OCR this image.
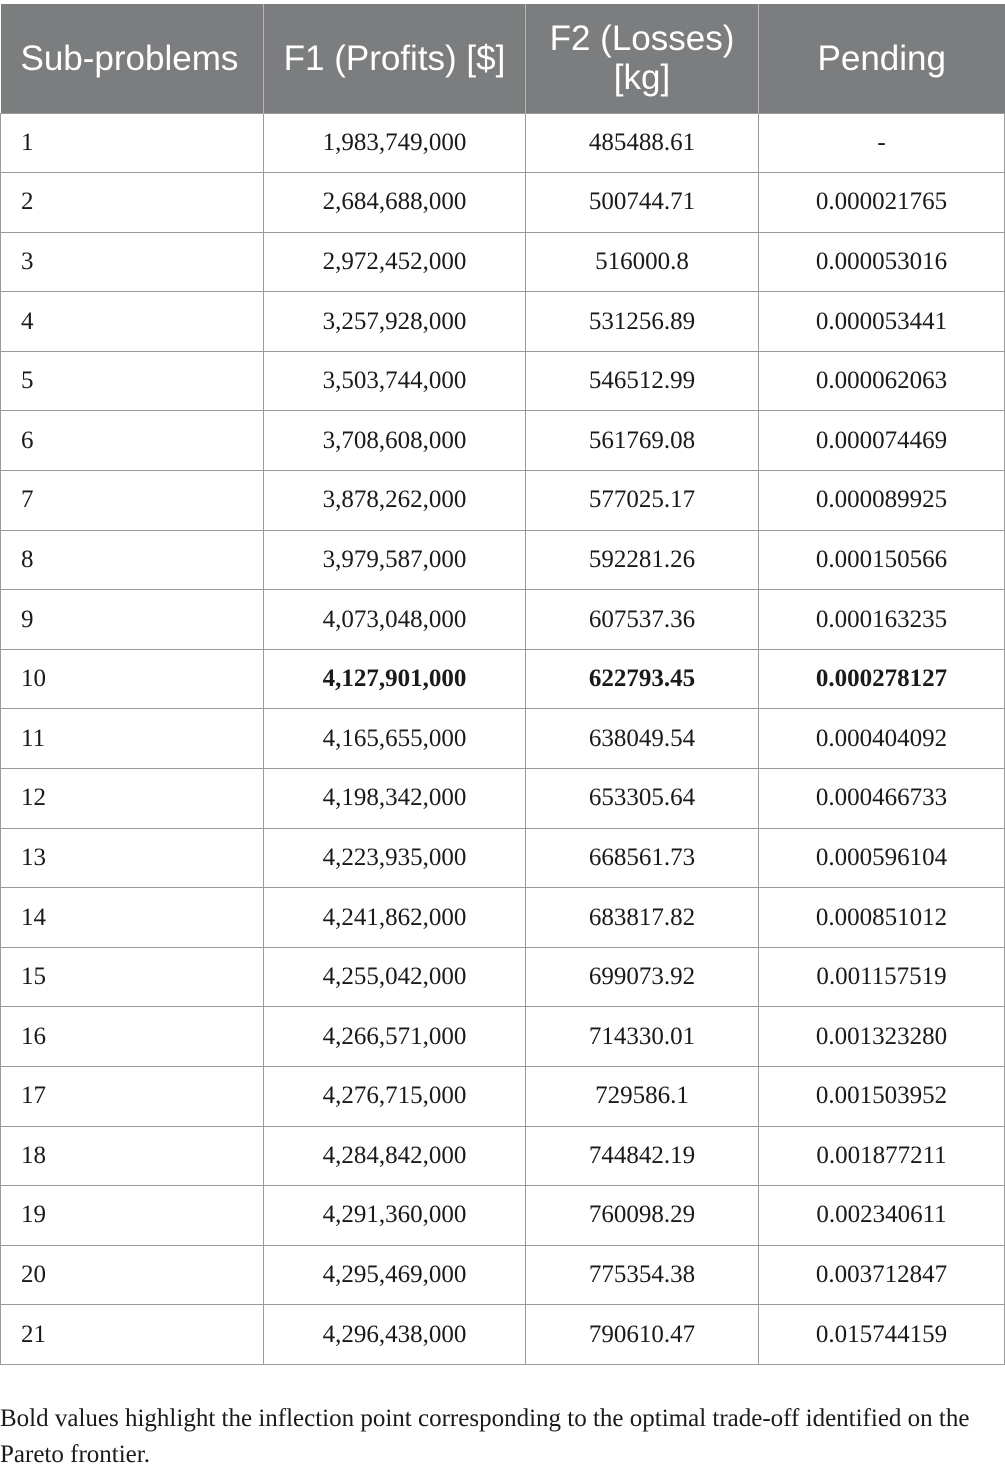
Sub-problems	F1 (Profits) [$]	F2 (Losses) [kg]	Pending
1	1,983,749,000	485488.61	-
2	2,684,688,000	500744.71	0.000021765
3	2,972,452,000	516000.8	0.000053016
4	3,257,928,000	531256.89	0.000053441
5	3,503,744,000	546512.99	0.000062063
6	3,708,608,000	561769.08	0.000074469
7	3,878,262,000	577025.17	0.000089925
8	3,979,587,000	592281.26	0.000150566
9	4,073,048,000	607537.36	0.000163235
10	4,127,901,000	622793.45	0.000278127
11	4,165,655,000	638049.54	0.000404092
12	4,198,342,000	653305.64	0.000466733
13	4,223,935,000	668561.73	0.000596104
14	4,241,862,000	683817.82	0.000851012
15	4,255,042,000	699073.92	0.001157519
16	4,266,571,000	714330.01	0.001323280
17	4,276,715,000	729586.1	0.001503952
18	4,284,842,000	744842.19	0.001877211
19	4,291,360,000	760098.29	0.002340611
20	4,295,469,000	775354.38	0.003712847
21	4,296,438,000	790610.47	0.015744159

Bold values highlight the inflection point corresponding to the optimal trade-off identified on the Pareto frontier.
